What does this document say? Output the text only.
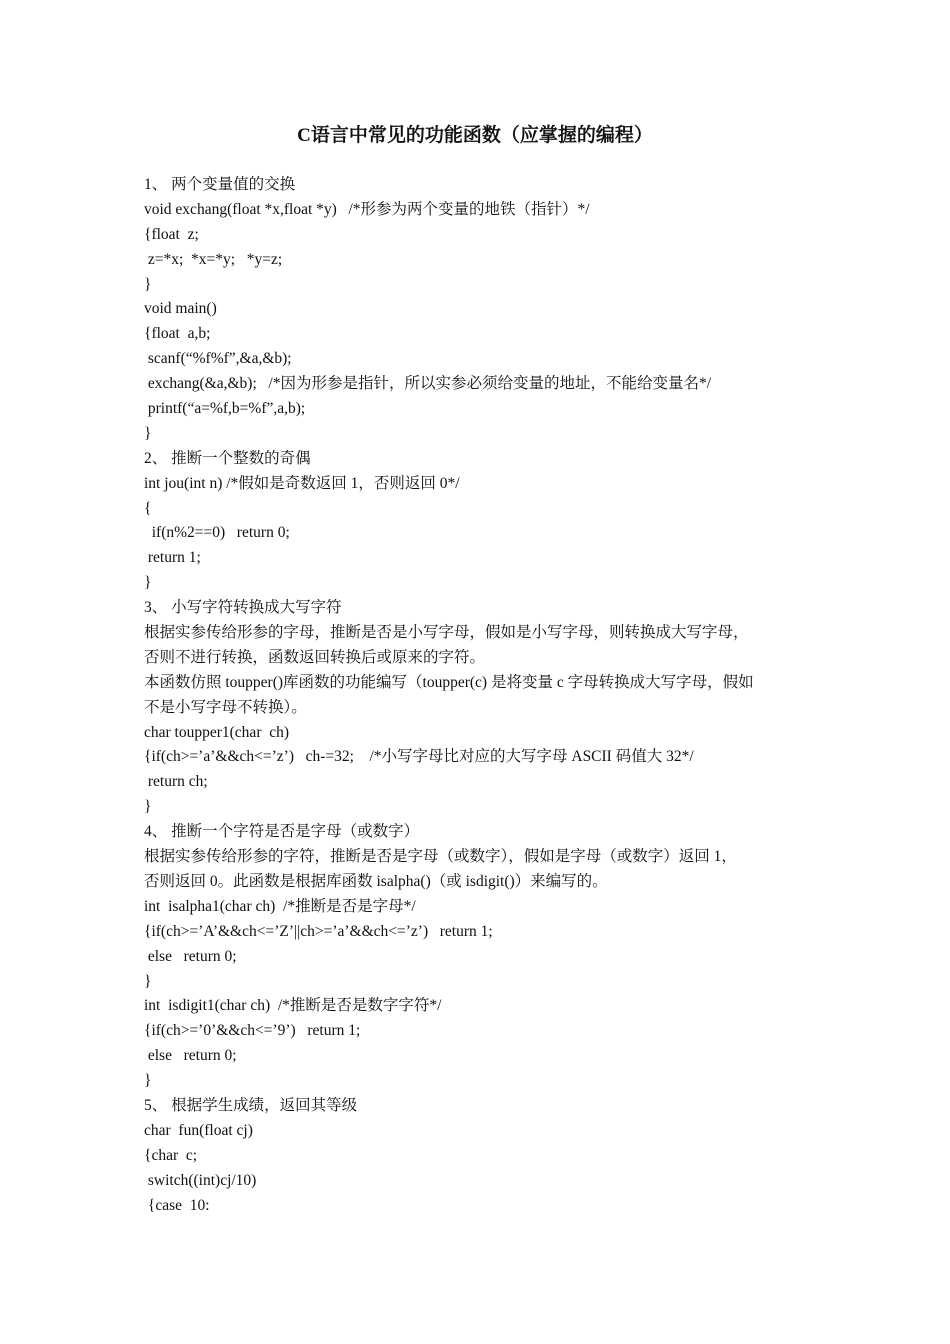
C语言中常见的功能函数（应掌握的编程）

1、 两个变量值的交换

void exchang(float *x,float *y)   /*形参为两个变量的地铁（指针）*/

{float  z;

z=*x;  *x=*y;   *y=z;

}

void main()

{float  a,b;

scanf(“%f%f”,&a,&b);

exchang(&a,&b);   /*因为形参是指针，所以实参必须给变量的地址，不能给变量名*/

printf(“a=%f,b=%f”,a,b);

}

2、 推断一个整数的奇偶

int jou(int n) /*假如是奇数返回 1，否则返回 0*/

{

if(n%2==0)   return 0;

return 1;

}

3、 小写字符转换成大写字符

根据实参传给形参的字母，推断是否是小写字母，假如是小写字母，则转换成大写字母，

否则不进行转换，函数返回转换后或原来的字符。

本函数仿照 toupper()库函数的功能编写（toupper(c) 是将变量 c 字母转换成大写字母，假如

不是小写字母不转换）。

char toupper1(char  ch)

{if(ch>=’a’&&ch<=’z’)   ch-=32;    /*小写字母比对应的大写字母 ASCII 码值大 32*/

return ch;

}

4、 推断一个字符是否是字母（或数字）

根据实参传给形参的字符，推断是否是字母（或数字），假如是字母（或数字）返回 1，

否则返回 0。此函数是根据库函数 isalpha()（或 isdigit()）来编写的。

int  isalpha1(char ch)  /*推断是否是字母*/

{if(ch>=’A’&&ch<=’Z’||ch>=’a’&&ch<=’z’)   return 1;

else   return 0;

}

int  isdigit1(char ch)  /*推断是否是数字字符*/

{if(ch>=’0’&&ch<=’9’)   return 1;

else   return 0;

}

5、 根据学生成绩，返回其等级

char  fun(float cj)

{char  c;

switch((int)cj/10)

{case  10:
